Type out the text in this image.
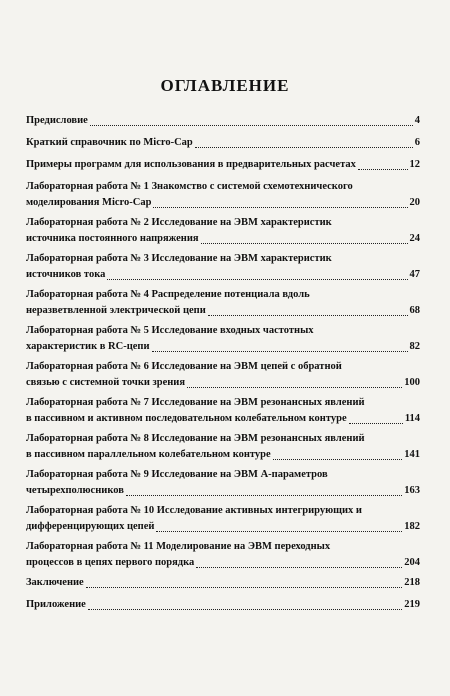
ОГЛАВЛЕНИЕ
Предисловие	4
Краткий справочник по Micro-Cap	6
Примеры программ для использования в предварительных расчетах	12
Лабораторная работа № 1 Знакомство с системой схемотехнического
моделирования Micro-Cap	20
Лабораторная работа № 2 Исследование на ЭВМ характеристик
источника постоянного напряжения	24
Лабораторная работа № 3 Исследование на ЭВМ характеристик
источников тока	47
Лабораторная работа № 4 Распределение потенциала вдоль
неразветвленной электрической цепи	68
Лабораторная работа № 5 Исследование входных частотных
характеристик в RC-цепи	82
Лабораторная работа № 6 Исследование на ЭВМ цепей с обратной
связью с системной точки зрения	100
Лабораторная работа № 7 Исследование на ЭВМ резонансных явлений
в пассивном и активном последовательном колебательном контуре	114
Лабораторная работа № 8 Исследование на ЭВМ резонансных явлений
в пассивном параллельном колебательном контуре	141
Лабораторная работа № 9 Исследование на ЭВМ А-параметров
четырехполюсников	163
Лабораторная работа № 10 Исследование активных интегрирующих и
дифференцирующих цепей	182
Лабораторная работа № 11 Моделирование на ЭВМ переходных
процессов в цепях первого порядка	204
Заключение	218
Приложение	219
